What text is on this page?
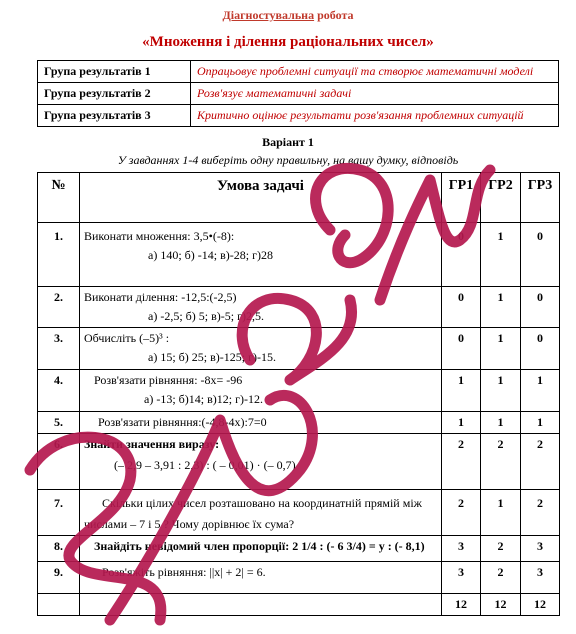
Діагностувальна робота
«Множення і ділення раціональних чисел»
Група результатів 1	Опрацьовує проблемні ситуації та створює математичні моделі
Група результатів 2	Розв'язує математичні задачі
Група результатів 3	Критично оцінює результати розв'язання проблемних ситуацій
Варіант 1
У завданнях 1-4 виберіть одну правильну, на вашу думку, відповідь
№	Умова задачі	ГР1	ГР2	ГР3
1.	Виконати множення: 3,5•(-8):
а) 140; б) -14; в)-28; г)28	0	1	0
2.	Виконати ділення: -12,5:(-2,5)
а) -2,5; б) 5; в)-5; г)2,5.	0	1	0
3.	Обчисліть (–5)³ :
а) 15; б) 25; в)-125; г)-15.	0	1	0
4.	Розв'язати рівняння: -8x= -96
а) -13; б)14; в)12; г)-12.	1	1	1
5.	Розв'язати рівняння:(-4,8-4x):7=0	1	1	1
6.	Знайти значення виразу:
(– 2,9 – 3,91 : 2,3) : ( – 0,01) · (– 0,7)	2	2	2
7.	Скільки цілих чисел розташовано на координатній прямій між
числами – 7 і 5 ? Чому дорівнює їх сума?	2	1	2
8.	Знайдіть невідомий член пропорції: 2 1/4 : (- 6 3/4) = y : (- 8,1)	3	2	3
9.	Розв'яжіть рівняння: ||x| + 2| = 6.	3	2	3
		12	12	12
